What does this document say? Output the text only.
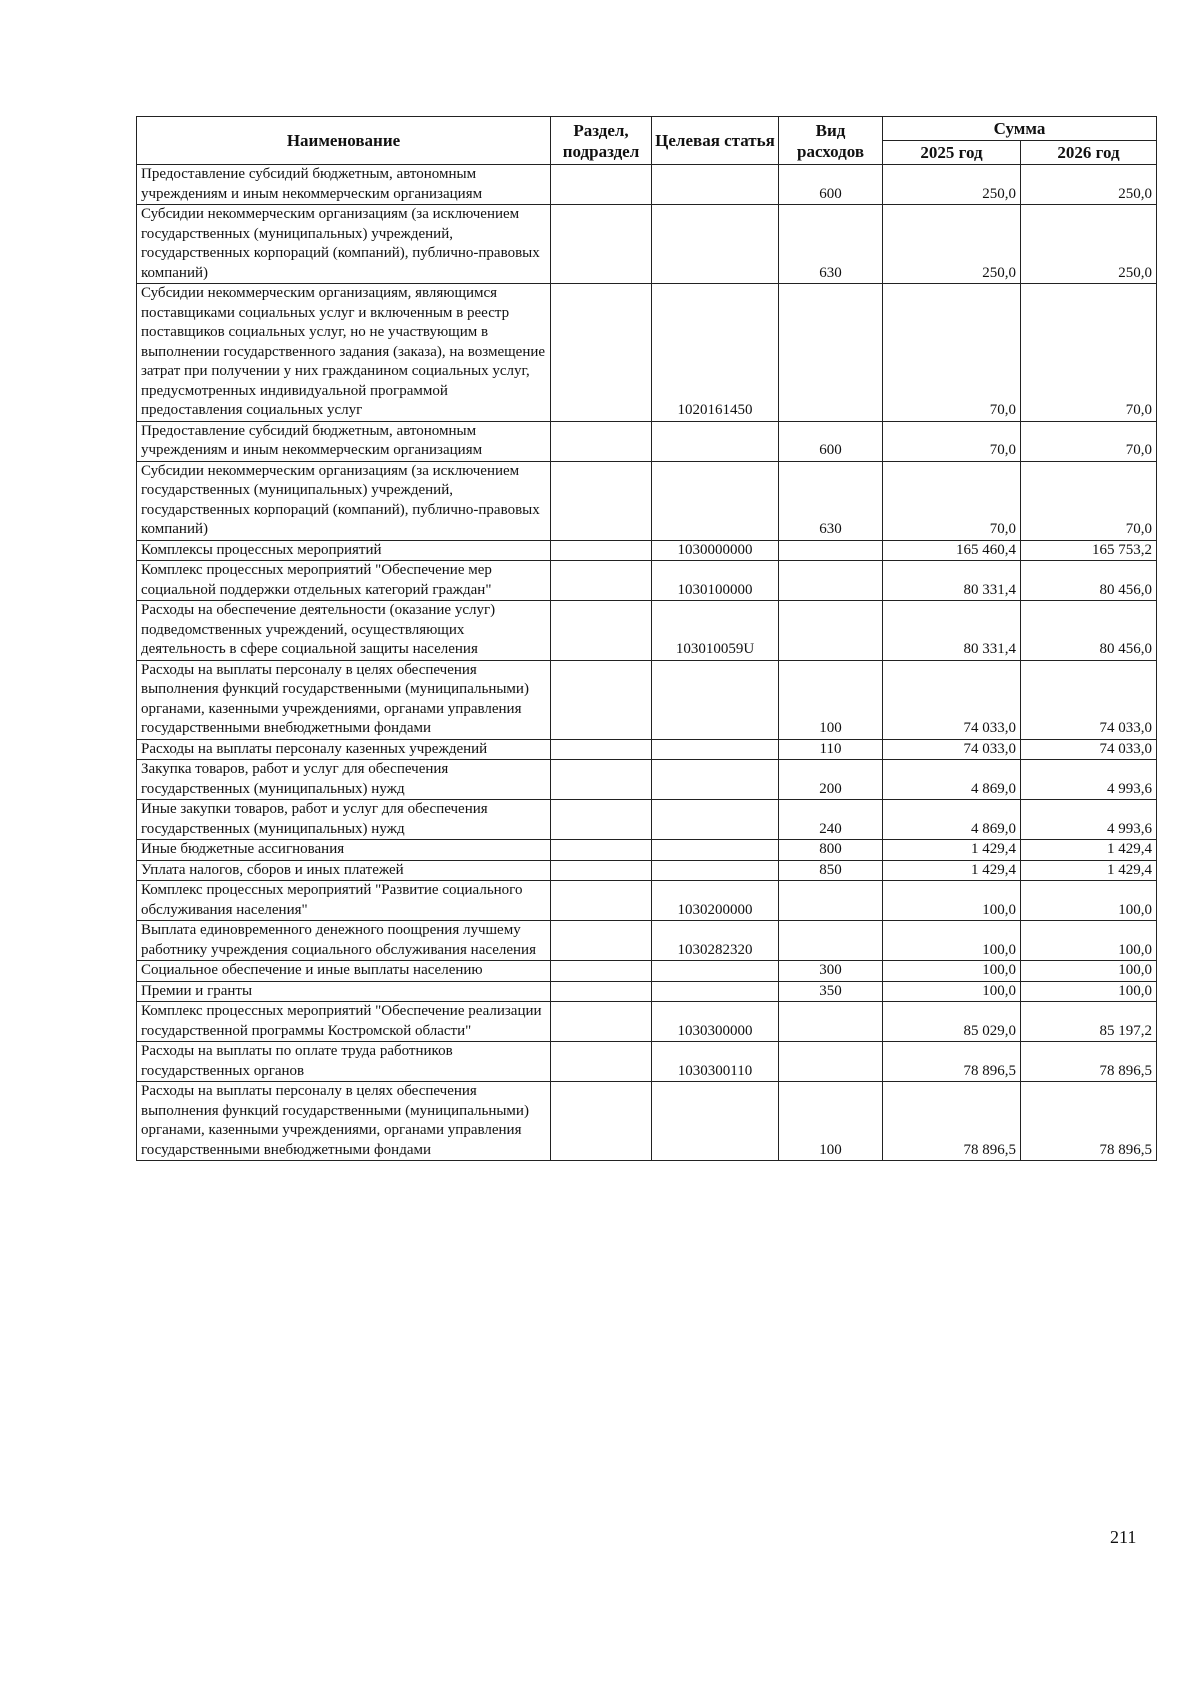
Наименование	Раздел, подраздел	Целевая статья	Вид расходов	Сумма	
				2025 год	2026 год
Предоставление субсидий бюджетным, автономным учреждениям и иным некоммерческим организациям			600	250,0	250,0
Субсидии некоммерческим организациям (за исключением государственных (муниципальных) учреждений, государственных корпораций (компаний), публично-правовых компаний)			630	250,0	250,0
Субсидии некоммерческим организациям, являющимся поставщиками социальных услуг и включенным в реестр поставщиков социальных услуг, но не участвующим в выполнении государственного задания (заказа), на возмещение затрат при получении у них гражданином социальных услуг, предусмотренных индивидуальной программой предоставления социальных услуг		1020161450		70,0	70,0
Предоставление субсидий бюджетным, автономным учреждениям и иным некоммерческим организациям			600	70,0	70,0
Субсидии некоммерческим организациям (за исключением государственных (муниципальных) учреждений, государственных корпораций (компаний), публично-правовых компаний)			630	70,0	70,0
Комплексы процессных мероприятий		1030000000		165 460,4	165 753,2
Комплекс процессных мероприятий "Обеспечение мер социальной поддержки отдельных категорий граждан"		1030100000		80 331,4	80 456,0
Расходы на обеспечение деятельности (оказание услуг) подведомственных учреждений, осуществляющих деятельность в сфере социальной защиты населения		103010059U		80 331,4	80 456,0
Расходы на выплаты персоналу в целях обеспечения выполнения функций государственными (муниципальными) органами, казенными учреждениями, органами управления государственными внебюджетными фондами			100	74 033,0	74 033,0
Расходы на выплаты персоналу казенных учреждений			110	74 033,0	74 033,0
Закупка товаров, работ и услуг для обеспечения государственных (муниципальных) нужд			200	4 869,0	4 993,6
Иные закупки товаров, работ и услуг для обеспечения государственных (муниципальных) нужд			240	4 869,0	4 993,6
Иные бюджетные ассигнования			800	1 429,4	1 429,4
Уплата налогов, сборов и иных платежей			850	1 429,4	1 429,4
Комплекс процессных мероприятий "Развитие социального обслуживания населения"		1030200000		100,0	100,0
Выплата единовременного денежного поощрения лучшему работнику учреждения социального обслуживания населения		1030282320		100,0	100,0
Социальное обеспечение и иные выплаты населению			300	100,0	100,0
Премии и гранты			350	100,0	100,0
Комплекс процессных мероприятий "Обеспечение реализации государственной программы Костромской области"		1030300000		85 029,0	85 197,2
Расходы на выплаты по оплате труда работников государственных органов		1030300110		78 896,5	78 896,5
Расходы на выплаты персоналу в целях обеспечения выполнения функций государственными (муниципальными) органами, казенными учреждениями, органами управления государственными внебюджетными фондами			100	78 896,5	78 896,5
211
